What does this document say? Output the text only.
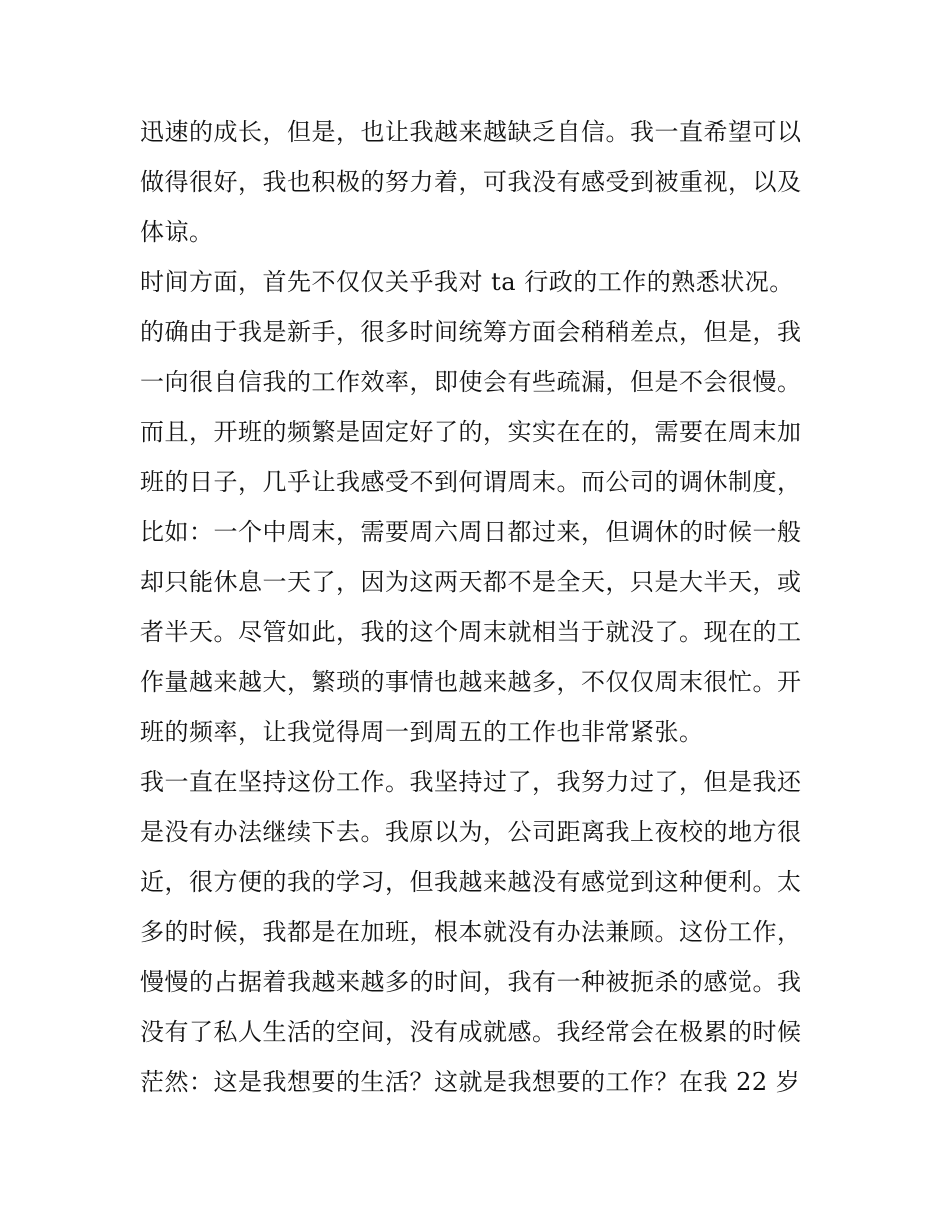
迅速的成长，但是，也让我越来越缺乏自信。我一直希望可以
做得很好，我也积极的努力着，可我没有感受到被重视，以及
体谅。
时间方面，首先不仅仅关乎我对 ta 行政的工作的熟悉状况。
的确由于我是新手，很多时间统筹方面会稍稍差点，但是，我
一向很自信我的工作效率，即使会有些疏漏，但是不会很慢。
而且，开班的频繁是固定好了的，实实在在的，需要在周末加
班的日子，几乎让我感受不到何谓周末。而公司的调休制度，
比如：一个中周末，需要周六周日都过来，但调休的时候一般
却只能休息一天了，因为这两天都不是全天，只是大半天，或
者半天。尽管如此，我的这个周末就相当于就没了。现在的工
作量越来越大，繁琐的事情也越来越多，不仅仅周末很忙。开
班的频率，让我觉得周一到周五的工作也非常紧张。
我一直在坚持这份工作。我坚持过了，我努力过了，但是我还
是没有办法继续下去。我原以为，公司距离我上夜校的地方很
近，很方便的我的学习，但我越来越没有感觉到这种便利。太
多的时候，我都是在加班，根本就没有办法兼顾。这份工作，
慢慢的占据着我越来越多的时间，我有一种被扼杀的感觉。我
没有了私人生活的空间，没有成就感。我经常会在极累的时候
茫然：这是我想要的生活？这就是我想要的工作？在我 22 岁
